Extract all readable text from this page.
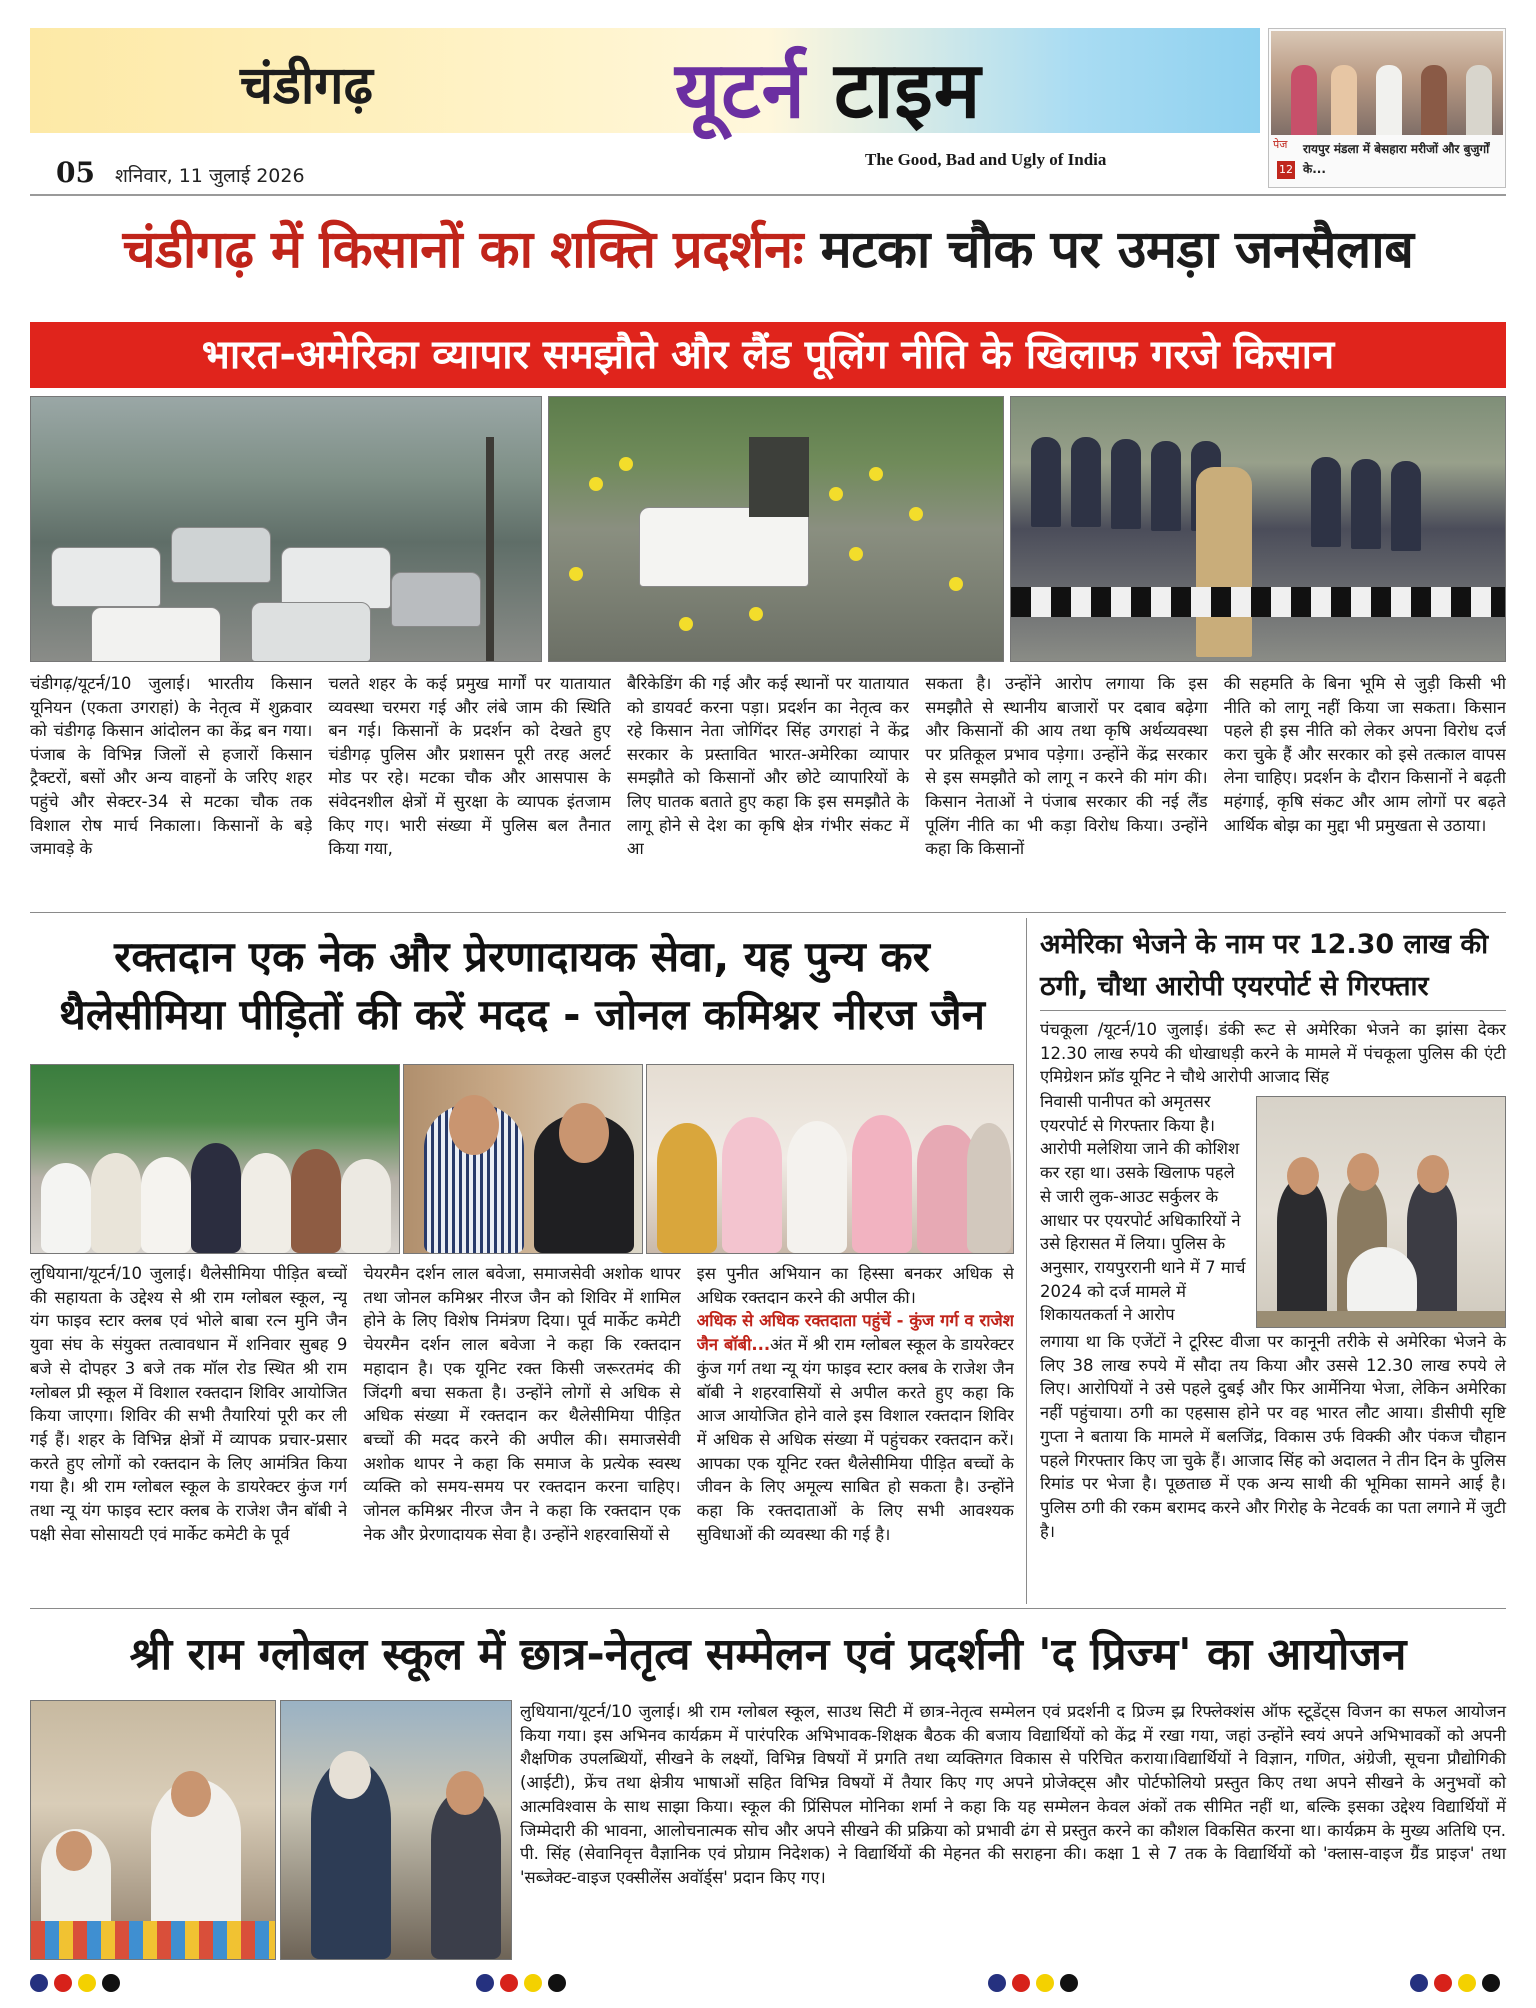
चंडीगढ़	यूटर्न टाइम
The Good, Bad and Ugly of India
05 शनिवार, 11 जुलाई 2026
पेज
12
रायपुर मंडला में बेसहारा मरीजों और बुजुर्गों के...
चंडीगढ़ में किसानों का शक्ति प्रदर्शनः मटका चौक पर उमड़ा जनसैलाब
भारत-अमेरिका व्यापार समझौते और लैंड पूलिंग नीति के खिलाफ गरजे किसान
चंडीगढ़/यूटर्न/10 जुलाई। भारतीय किसान यूनियन (एकता उगराहां) के नेतृत्व में शुक्रवार को चंडीगढ़ किसान आंदोलन का केंद्र बन गया। पंजाब के विभिन्न जिलों से हजारों किसान ट्रैक्टरों, बसों और अन्य वाहनों के जरिए शहर पहुंचे और सेक्टर-34 से मटका चौक तक विशाल रोष मार्च निकाला। किसानों के बड़े जमावड़े के
चलते शहर के कई प्रमुख मार्गों पर यातायात व्यवस्था चरमरा गई और लंबे जाम की स्थिति बन गई। किसानों के प्रदर्शन को देखते हुए चंडीगढ़ पुलिस और प्रशासन पूरी तरह अलर्ट मोड पर रहे। मटका चौक और आसपास के संवेदनशील क्षेत्रों में सुरक्षा के व्यापक इंतजाम किए गए। भारी संख्या में पुलिस बल तैनात किया गया,
बैरिकेडिंग की गई और कई स्थानों पर यातायात को डायवर्ट करना पड़ा। प्रदर्शन का नेतृत्व कर रहे किसान नेता जोगिंदर सिंह उगराहां ने केंद्र सरकार के प्रस्तावित भारत-अमेरिका व्यापार समझौते को किसानों और छोटे व्यापारियों के लिए घातक बताते हुए कहा कि इस समझौते के लागू होने से देश का कृषि क्षेत्र गंभीर संकट में आ
सकता है। उन्होंने आरोप लगाया कि इस समझौते से स्थानीय बाजारों पर दबाव बढ़ेगा और किसानों की आय तथा कृषि अर्थव्यवस्था पर प्रतिकूल प्रभाव पड़ेगा। उन्होंने केंद्र सरकार से इस समझौते को लागू न करने की मांग की। किसान नेताओं ने पंजाब सरकार की नई लैंड पूलिंग नीति का भी कड़ा विरोध किया। उन्होंने कहा कि किसानों
की सहमति के बिना भूमि से जुड़ी किसी भी नीति को लागू नहीं किया जा सकता। किसान पहले ही इस नीति को लेकर अपना विरोध दर्ज करा चुके हैं और सरकार को इसे तत्काल वापस लेना चाहिए। प्रदर्शन के दौरान किसानों ने बढ़ती महंगाई, कृषि संकट और आम लोगों पर बढ़ते आर्थिक बोझ का मुद्दा भी प्रमुखता से उठाया।
रक्तदान एक नेक और प्रेरणादायक सेवा, यह पुन्य कर
थैलेसीमिया पीड़ितों की करें मदद - जोनल कमिश्नर नीरज जैन
लुधियाना/यूटर्न/10 जुलाई। थैलेसीमिया पीड़ित बच्चों की सहायता के उद्देश्य से श्री राम ग्लोबल स्कूल, न्यू यंग फाइव स्टार क्लब एवं भोले बाबा रत्न मुनि जैन युवा संघ के संयुक्त तत्वावधान में शनिवार सुबह 9 बजे से दोपहर 3 बजे तक मॉल रोड स्थित श्री राम ग्लोबल प्री स्कूल में विशाल रक्तदान शिविर आयोजित किया जाएगा। शिविर की सभी तैयारियां पूरी कर ली गई हैं। शहर के विभिन्न क्षेत्रों में व्यापक प्रचार-प्रसार करते हुए लोगों को रक्तदान के लिए आमंत्रित किया गया है। श्री राम ग्लोबल स्कूल के डायरेक्टर कुंज गर्ग तथा न्यू यंग फाइव स्टार क्लब के राजेश जैन बॉबी ने पक्षी सेवा सोसायटी एवं मार्केट कमेटी के पूर्व
चेयरमैन दर्शन लाल बवेजा, समाजसेवी अशोक थापर तथा जोनल कमिश्नर नीरज जैन को शिविर में शामिल होने के लिए विशेष निमंत्रण दिया। पूर्व मार्केट कमेटी चेयरमैन दर्शन लाल बवेजा ने कहा कि रक्तदान महादान है। एक यूनिट रक्त किसी जरूरतमंद की जिंदगी बचा सकता है। उन्होंने लोगों से अधिक से अधिक संख्या में रक्तदान कर थैलेसीमिया पीड़ित बच्चों की मदद करने की अपील की। समाजसेवी अशोक थापर ने कहा कि समाज के प्रत्येक स्वस्थ व्यक्ति को समय-समय पर रक्तदान करना चाहिए। जोनल कमिश्नर नीरज जैन ने कहा कि रक्तदान एक नेक और प्रेरणादायक सेवा है। उन्होंने शहरवासियों से
इस पुनीत अभियान का हिस्सा बनकर अधिक से अधिक रक्तदान करने की अपील की।
अधिक से अधिक रक्तदाता पहुंचें - कुंज गर्ग व राजेश जैन बॉबी...अंत में श्री राम ग्लोबल स्कूल के डायरेक्टर कुंज गर्ग तथा न्यू यंग फाइव स्टार क्लब के राजेश जैन बॉबी ने शहरवासियों से अपील करते हुए कहा कि आज आयोजित होने वाले इस विशाल रक्तदान शिविर में अधिक से अधिक संख्या में पहुंचकर रक्तदान करें। आपका एक यूनिट रक्त थैलेसीमिया पीड़ित बच्चों के जीवन के लिए अमूल्य साबित हो सकता है। उन्होंने कहा कि रक्तदाताओं के लिए सभी आवश्यक सुविधाओं की व्यवस्था की गई है।
अमेरिका भेजने के नाम पर 12.30 लाख की ठगी, चौथा आरोपी एयरपोर्ट से गिरफ्तार
पंचकूला /यूटर्न/10 जुलाई। डंकी रूट से अमेरिका भेजने का झांसा देकर 12.30 लाख रुपये की धोखाधड़ी करने के मामले में पंचकूला पुलिस की एंटी एमिग्रेशन फ्रॉड यूनिट ने चौथे आरोपी आजाद सिंह
निवासी पानीपत को अमृतसर एयरपोर्ट से गिरफ्तार किया है। आरोपी मलेशिया जाने की कोशिश कर रहा था। उसके खिलाफ पहले से जारी लुक-आउट सर्कुलर के आधार पर एयरपोर्ट अधिकारियों ने उसे हिरासत में लिया। पुलिस के अनुसार, रायपुररानी थाने में 7 मार्च 2024 को दर्ज मामले में शिकायतकर्ता ने आरोप
लगाया था कि एजेंटों ने टूरिस्ट वीजा पर कानूनी तरीके से अमेरिका भेजने के लिए 38 लाख रुपये में सौदा तय किया और उससे 12.30 लाख रुपये ले लिए। आरोपियों ने उसे पहले दुबई और फिर आर्मेनिया भेजा, लेकिन अमेरिका नहीं पहुंचाया। ठगी का एहसास होने पर वह भारत लौट आया। डीसीपी सृष्टि गुप्ता ने बताया कि मामले में बलजिंद्र, विकास उर्फ विक्की और पंकज चौहान पहले गिरफ्तार किए जा चुके हैं। आजाद सिंह को अदालत ने तीन दिन के पुलिस रिमांड पर भेजा है। पूछताछ में एक अन्य साथी की भूमिका सामने आई है। पुलिस ठगी की रकम बरामद करने और गिरोह के नेटवर्क का पता लगाने में जुटी है।
श्री राम ग्लोबल स्कूल में छात्र-नेतृत्व सम्मेलन एवं प्रदर्शनी 'द प्रिज्म' का आयोजन
लुधियाना/यूटर्न/10 जुलाई। श्री राम ग्लोबल स्कूल, साउथ सिटी में छात्र-नेतृत्व सम्मेलन एवं प्रदर्शनी द प्रिज्म झ्र रिफ्लेक्शंस ऑफ स्टूडेंट्स विजन का सफल आयोजन किया गया। इस अभिनव कार्यक्रम में पारंपरिक अभिभावक-शिक्षक बैठक की बजाय विद्यार्थियों को केंद्र में रखा गया, जहां उन्होंने स्वयं अपने अभिभावकों को अपनी शैक्षणिक उपलब्धियों, सीखने के लक्ष्यों, विभिन्न विषयों में प्रगति तथा व्यक्तिगत विकास से परिचित कराया।विद्यार्थियों ने विज्ञान, गणित, अंग्रेजी, सूचना प्रौद्योगिकी (आईटी), फ्रेंच तथा क्षेत्रीय भाषाओं सहित विभिन्न विषयों में तैयार किए गए अपने प्रोजेक्ट्स और पोर्टफोलियो प्रस्तुत किए तथा अपने सीखने के अनुभवों को आत्मविश्वास के साथ साझा किया। स्कूल की प्रिंसिपल मोनिका शर्मा ने कहा कि यह सम्मेलन केवल अंकों तक सीमित नहीं था, बल्कि इसका उद्देश्य विद्यार्थियों में जिम्मेदारी की भावना, आलोचनात्मक सोच और अपने सीखने की प्रक्रिया को प्रभावी ढंग से प्रस्तुत करने का कौशल विकसित करना था। कार्यक्रम के मुख्य अतिथि एन. पी. सिंह (सेवानिवृत्त वैज्ञानिक एवं प्रोग्राम निदेशक) ने विद्यार्थियों की मेहनत की सराहना की। कक्षा 1 से 7 तक के विद्यार्थियों को 'क्लास-वाइज ग्रैंड प्राइज' तथा 'सब्जेक्ट-वाइज एक्सीलेंस अवॉर्ड्स' प्रदान किए गए।
